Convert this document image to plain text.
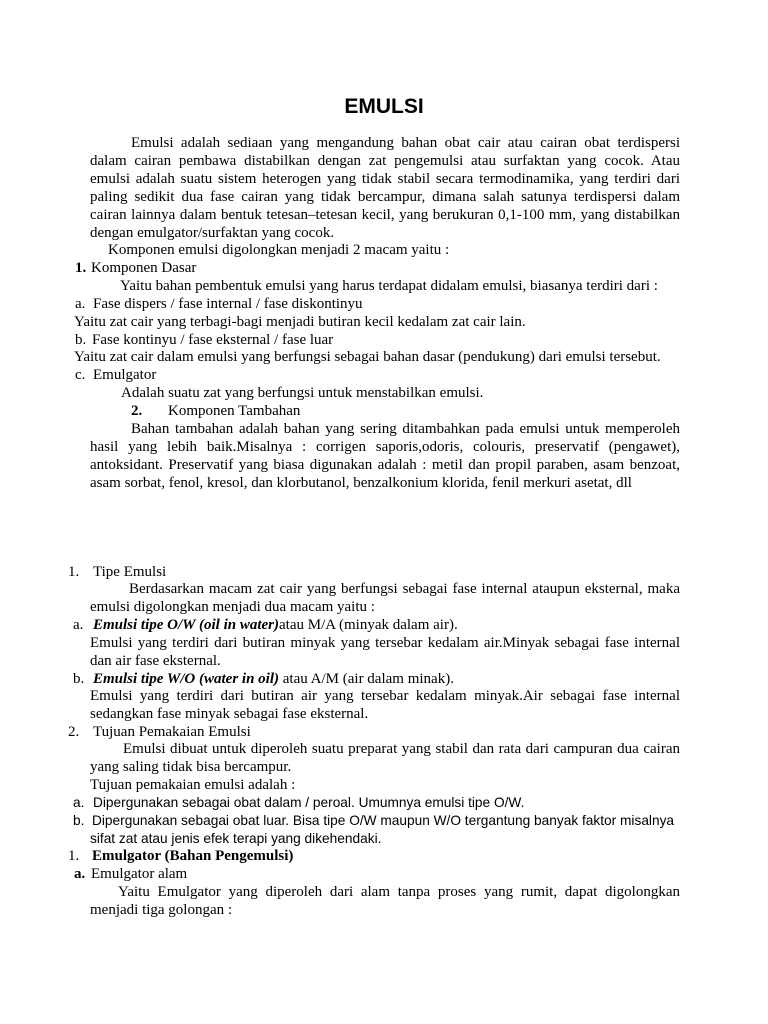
EMULSI
Emulsi adalah sediaan yang mengandung bahan obat cair atau cairan obat terdispersi
dalam cairan pembawa distabilkan dengan zat pengemulsi atau surfaktan yang cocok. Atau
emulsi adalah suatu sistem heterogen yang tidak stabil secara termodinamika, yang terdiri dari
paling sedikit dua fase cairan yang tidak bercampur, dimana salah satunya terdispersi dalam
cairan lainnya dalam bentuk tetesan–tetesan kecil, yang berukuran 0,1-100 mm, yang distabilkan
dengan emulgator/surfaktan yang cocok.
Komponen emulsi digolongkan menjadi 2 macam yaitu :
1. Komponen Dasar
Yaitu bahan pembentuk emulsi yang harus terdapat didalam emulsi, biasanya terdiri dari :
a. Fase dispers / fase internal / fase diskontinyu
Yaitu zat cair yang terbagi-bagi menjadi butiran kecil kedalam zat cair lain.
b. Fase kontinyu / fase eksternal / fase luar
Yaitu zat cair dalam emulsi yang berfungsi sebagai bahan dasar (pendukung) dari emulsi tersebut.
c. Emulgator
Adalah suatu zat yang berfungsi untuk menstabilkan emulsi.
2. Komponen Tambahan
Bahan tambahan adalah bahan yang sering ditambahkan pada emulsi untuk memperoleh
hasil yang lebih baik.Misalnya : corrigen saporis,odoris, colouris, preservatif (pengawet),
antoksidant. Preservatif yang biasa digunakan adalah : metil dan propil paraben, asam benzoat,
asam sorbat, fenol, kresol, dan klorbutanol, benzalkonium klorida, fenil merkuri asetat, dll
1. Tipe Emulsi
Berdasarkan macam zat cair yang berfungsi sebagai fase internal ataupun eksternal, maka
emulsi digolongkan menjadi dua macam yaitu :
a. Emulsi tipe O/W (oil in water)atau M/A (minyak dalam air).
Emulsi yang terdiri dari butiran minyak yang tersebar kedalam air.Minyak sebagai fase internal
dan air fase eksternal.
b. Emulsi tipe W/O (water in oil) atau A/M (air dalam minak).
Emulsi yang terdiri dari butiran air yang tersebar kedalam minyak.Air sebagai fase internal
sedangkan fase minyak sebagai fase eksternal.
2. Tujuan Pemakaian Emulsi
Emulsi dibuat untuk diperoleh suatu preparat yang stabil dan rata dari campuran dua cairan
yang saling tidak bisa bercampur.
Tujuan pemakaian emulsi adalah :
a. Dipergunakan sebagai obat dalam / peroal. Umumnya emulsi tipe O/W.
b. Dipergunakan sebagai obat luar. Bisa tipe O/W maupun W/O tergantung banyak faktor misalnya
sifat zat atau jenis efek terapi yang dikehendaki.
1. Emulgator (Bahan Pengemulsi)
a. Emulgator alam
Yaitu Emulgator yang diperoleh dari alam tanpa proses yang rumit, dapat digolongkan
menjadi tiga golongan :
